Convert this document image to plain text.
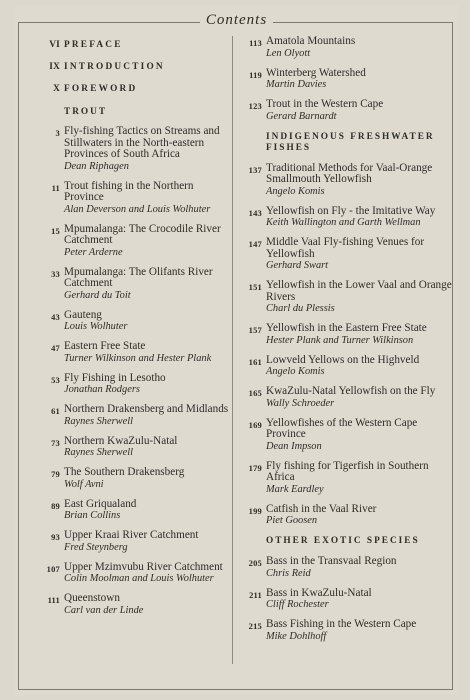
Contents
VI PREFACE
IX INTRODUCTION
X FOREWORD
TROUT
3 Fly-fishing Tactics on Streams and Stillwaters in the North-eastern Provinces of South Africa
Dean Riphagen
11 Trout fishing in the Northern Province
Alan Deverson and Louis Wolhuter
15 Mpumalanga: The Crocodile River Catchment
Peter Arderne
33 Mpumalanga: The Olifants River Catchment
Gerhard du Toit
43 Gauteng
Louis Wolhuter
47 Eastern Free State
Turner Wilkinson and Hester Plank
53 Fly Fishing in Lesotho
Jonathan Rodgers
61 Northern Drakensberg and Midlands
Raynes Sherwell
73 Northern KwaZulu-Natal
Raynes Sherwell
79 The Southern Drakensberg
Wolf Avni
89 East Griqualand
Brian Collins
93 Upper Kraai River Catchment
Fred Steynberg
107 Upper Mzimvubu River Catchment
Colin Moolman and Louis Wolhuter
111 Queenstown
Carl van der Linde
113 Amatola Mountains
Len Olyott
119 Winterberg Watershed
Martin Davies
123 Trout in the Western Cape
Gerard Barnardt
INDIGENOUS FRESHWATER FISHES
137 Traditional Methods for Vaal-Orange Smallmouth Yellowfish
Angelo Komis
143 Yellowfish on Fly - the Imitative Way
Keith Wallington and Garth Wellman
147 Middle Vaal Fly-fishing Venues for Yellowfish
Gerhard Swart
151 Yellowfish in the Lower Vaal and Orange Rivers
Charl du Plessis
157 Yellowfish in the Eastern Free State
Hester Plank and Turner Wilkinson
161 Lowveld Yellows on the Highveld
Angelo Komis
165 KwaZulu-Natal Yellowfish on the Fly
Wally Schroeder
169 Yellowfishes of the Western Cape Province
Dean Impson
179 Fly fishing for Tigerfish in Southern Africa
Mark Eardley
199 Catfish in the Vaal River
Piet Goosen
OTHER EXOTIC SPECIES
205 Bass in the Transvaal Region
Chris Reid
211 Bass in KwaZulu-Natal
Cliff Rochester
215 Bass Fishing in the Western Cape
Mike Dohlhoff
